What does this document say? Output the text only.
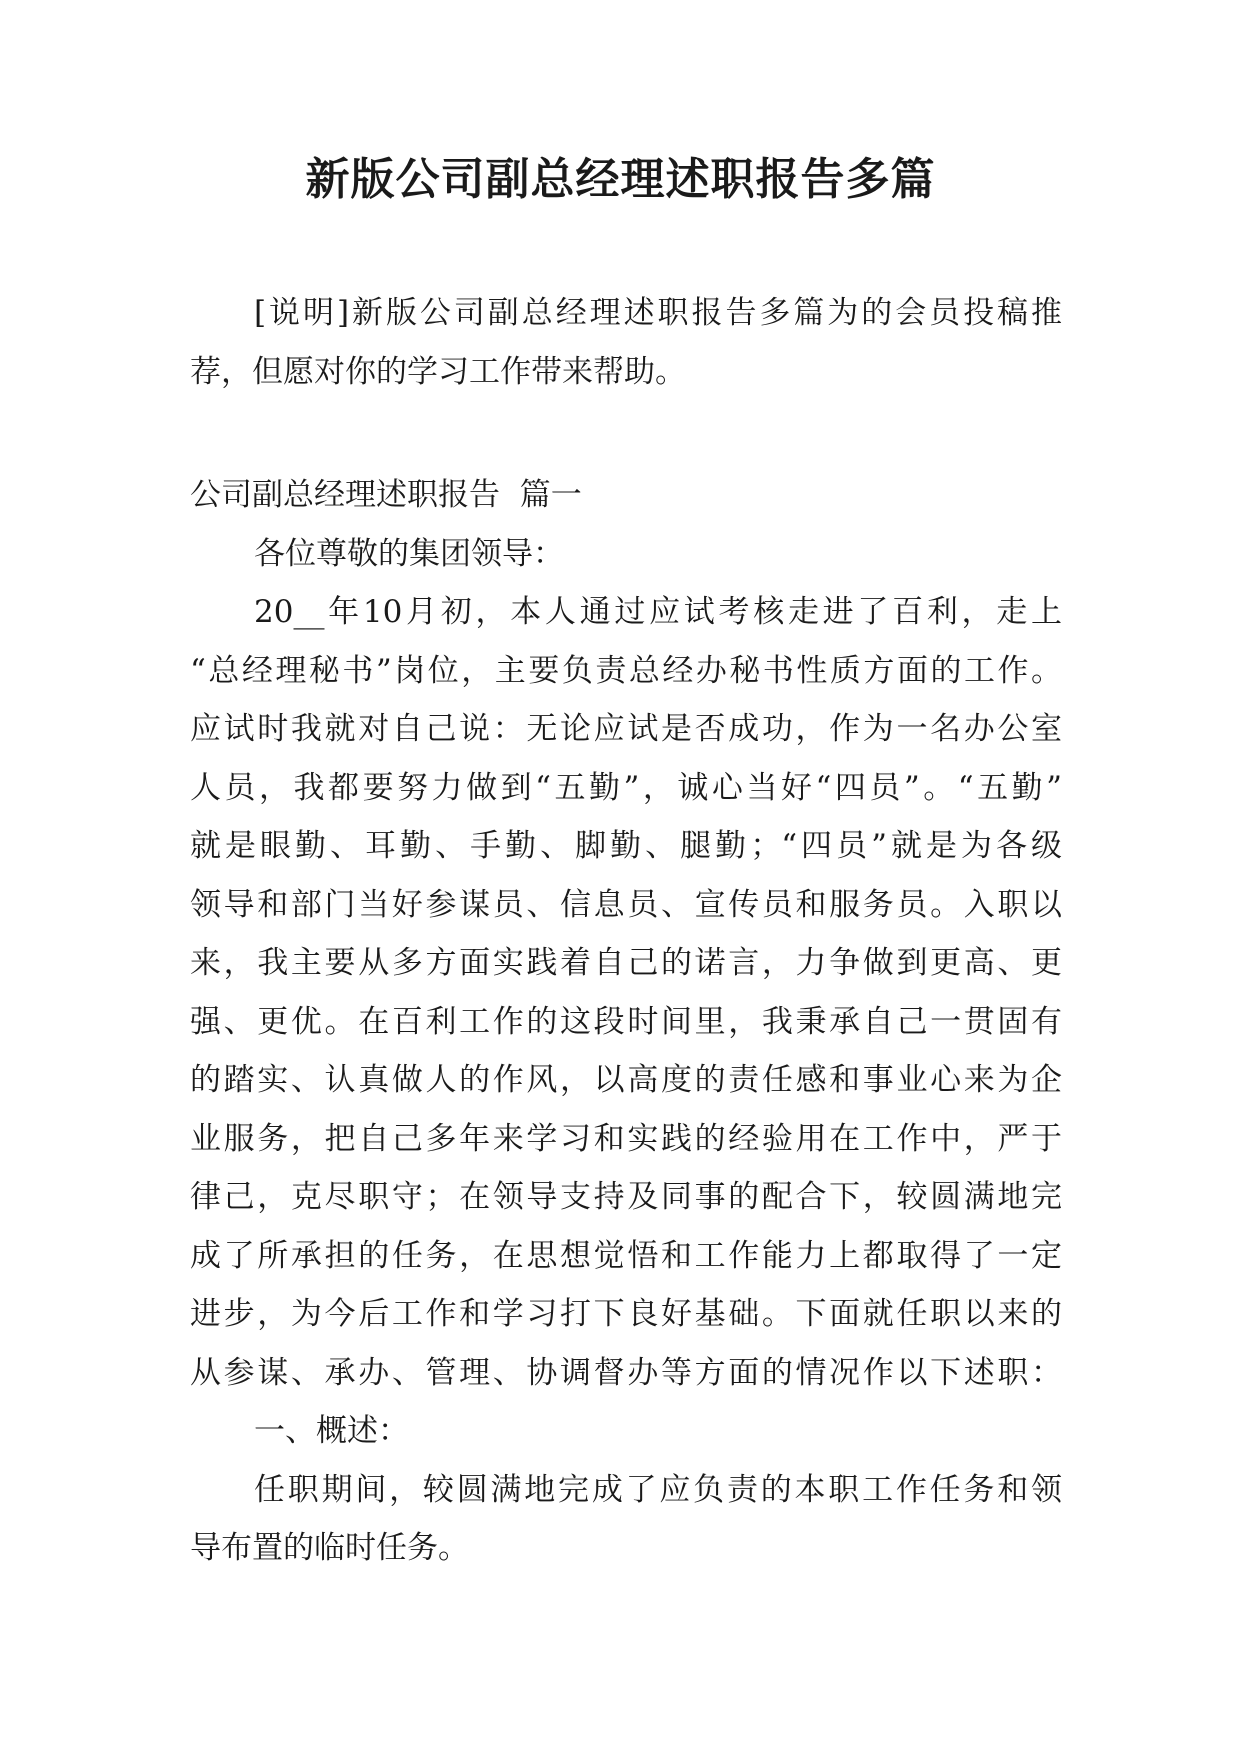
新版公司副总经理述职报告多篇
[说明]新版公司副总经理述职报告多篇为的会员投稿推
荐，但愿对你的学习工作带来帮助。
公司副总经理述职报告  篇一
各位尊敬的集团领导：
20__年10月初，本人通过应试考核走进了百利，走上
“总经理秘书”岗位，主要负责总经办秘书性质方面的工作。
应试时我就对自己说：无论应试是否成功，作为一名办公室
人员，我都要努力做到“五勤”，诚心当好“四员”。“五勤”
就是眼勤、耳勤、手勤、脚勤、腿勤；“四员”就是为各级
领导和部门当好参谋员、信息员、宣传员和服务员。入职以
来，我主要从多方面实践着自己的诺言，力争做到更高、更
强、更优。在百利工作的这段时间里，我秉承自己一贯固有
的踏实、认真做人的作风，以高度的责任感和事业心来为企
业服务，把自己多年来学习和实践的经验用在工作中，严于
律己，克尽职守；在领导支持及同事的配合下，较圆满地完
成了所承担的任务，在思想觉悟和工作能力上都取得了一定
进步，为今后工作和学习打下良好基础。下面就任职以来的
从参谋、承办、管理、协调督办等方面的情况作以下述职：
一、概述：
任职期间，较圆满地完成了应负责的本职工作任务和领
导布置的临时任务。
